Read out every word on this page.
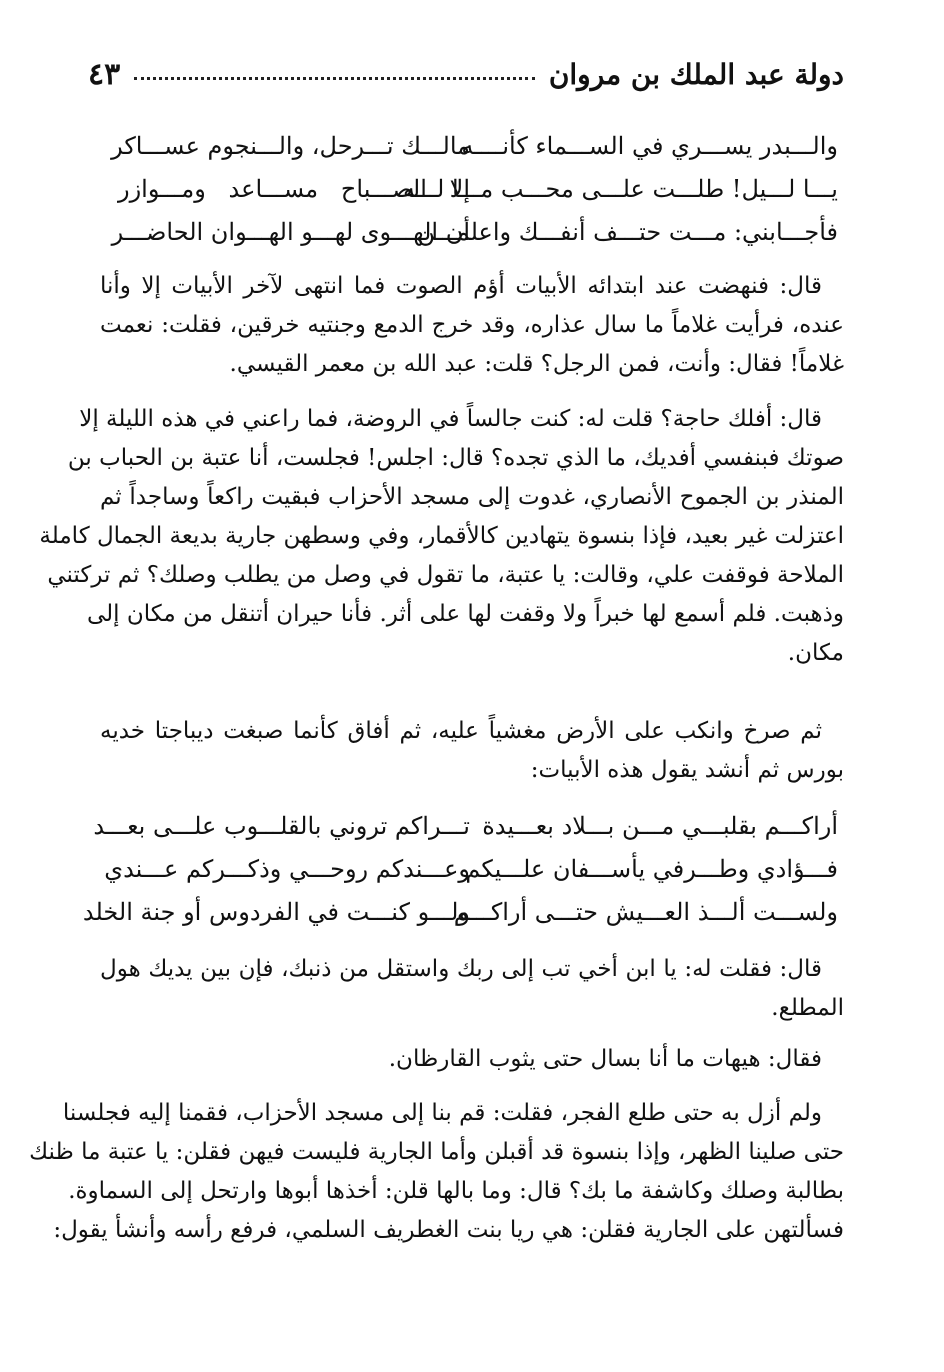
دولة عبد الملك بن مروان
٤٣
والـــبدر يســـري في الســـماء كأنــــه
مالـــك تـــرحل، والـــنجوم عســـاكر
يـــا لـــيل! طلـــت علـــى محـــب مـــا لـــه
إلا الصـــباح مســـاعد ومـــوازر
فأجـــابني: مـــت حتـــف أنفـــك واعلمـــن
أن الهـــوى لهـــو الهـــوان الحاضـــر
قال: فنهضت عند ابتدائه الأبيات أؤم الصوت فما انتهى لآخر الأبيات إلا وأنا
عنده، فرأيت غلاماً ما سال عذاره، وقد خرج الدمع وجنتيه خرقين، فقلت: نعمت
غلاماً! فقال: وأنت، فمن الرجل؟ قلت: عبد الله بن معمر القيسي.
قال: أفلك حاجة؟ قلت له: كنت جالساً في الروضة، فما راعني في هذه الليلة إلا
صوتك فبنفسي أفديك، ما الذي تجده؟ قال: اجلس! فجلست، أنا عتبة بن الحباب بن
المنذر بن الجموح الأنصاري، غدوت إلى مسجد الأحزاب فبقيت راكعاً وساجداً ثم
اعتزلت غير بعيد، فإذا بنسوة يتهادين كالأقمار، وفي وسطهن جارية بديعة الجمال كاملة
الملاحة فوقفت علي، وقالت: يا عتبة، ما تقول في وصل من يطلب وصلك؟ ثم تركتني
وذهبت. فلم أسمع لها خبراً ولا وقفت لها على أثر. فأنا حيران أتنقل من مكان إلى
مكان.
ثم صرخ وانكب على الأرض مغشياً عليه، ثم أفاق كأنما صبغت ديباجتا خديه
بورس ثم أنشد يقول هذه الأبيات:
أراكـــم بقلبـــي مـــن بـــلاد بعـــيدة
تـــراكم تروني بالقلـــوب علـــى بعـــد
فـــؤادي وطـــرفي يأســـفان علـــيكم
وعـــندكم روحـــي وذكـــركم عـــندي
ولســـت ألـــذ العـــيش حتـــى أراكـــم
ولـــو كنـــت في الفردوس أو جنة الخلد
قال: فقلت له: يا ابن أخي تب إلى ربك واستقل من ذنبك، فإن بين يديك هول
المطلع.
فقال: هيهات ما أنا بسال حتى يثوب القارظان.
ولم أزل به حتى طلع الفجر، فقلت: قم بنا إلى مسجد الأحزاب، فقمنا إليه فجلسنا
حتى صلينا الظهر، وإذا بنسوة قد أقبلن وأما الجارية فليست فيهن فقلن: يا عتبة ما ظنك
بطالبة وصلك وكاشفة ما بك؟ قال: وما بالها قلن: أخذها أبوها وارتحل إلى السماوة.
فسألتهن على الجارية فقلن: هي ريا بنت الغطريف السلمي، فرفع رأسه وأنشأ يقول:
